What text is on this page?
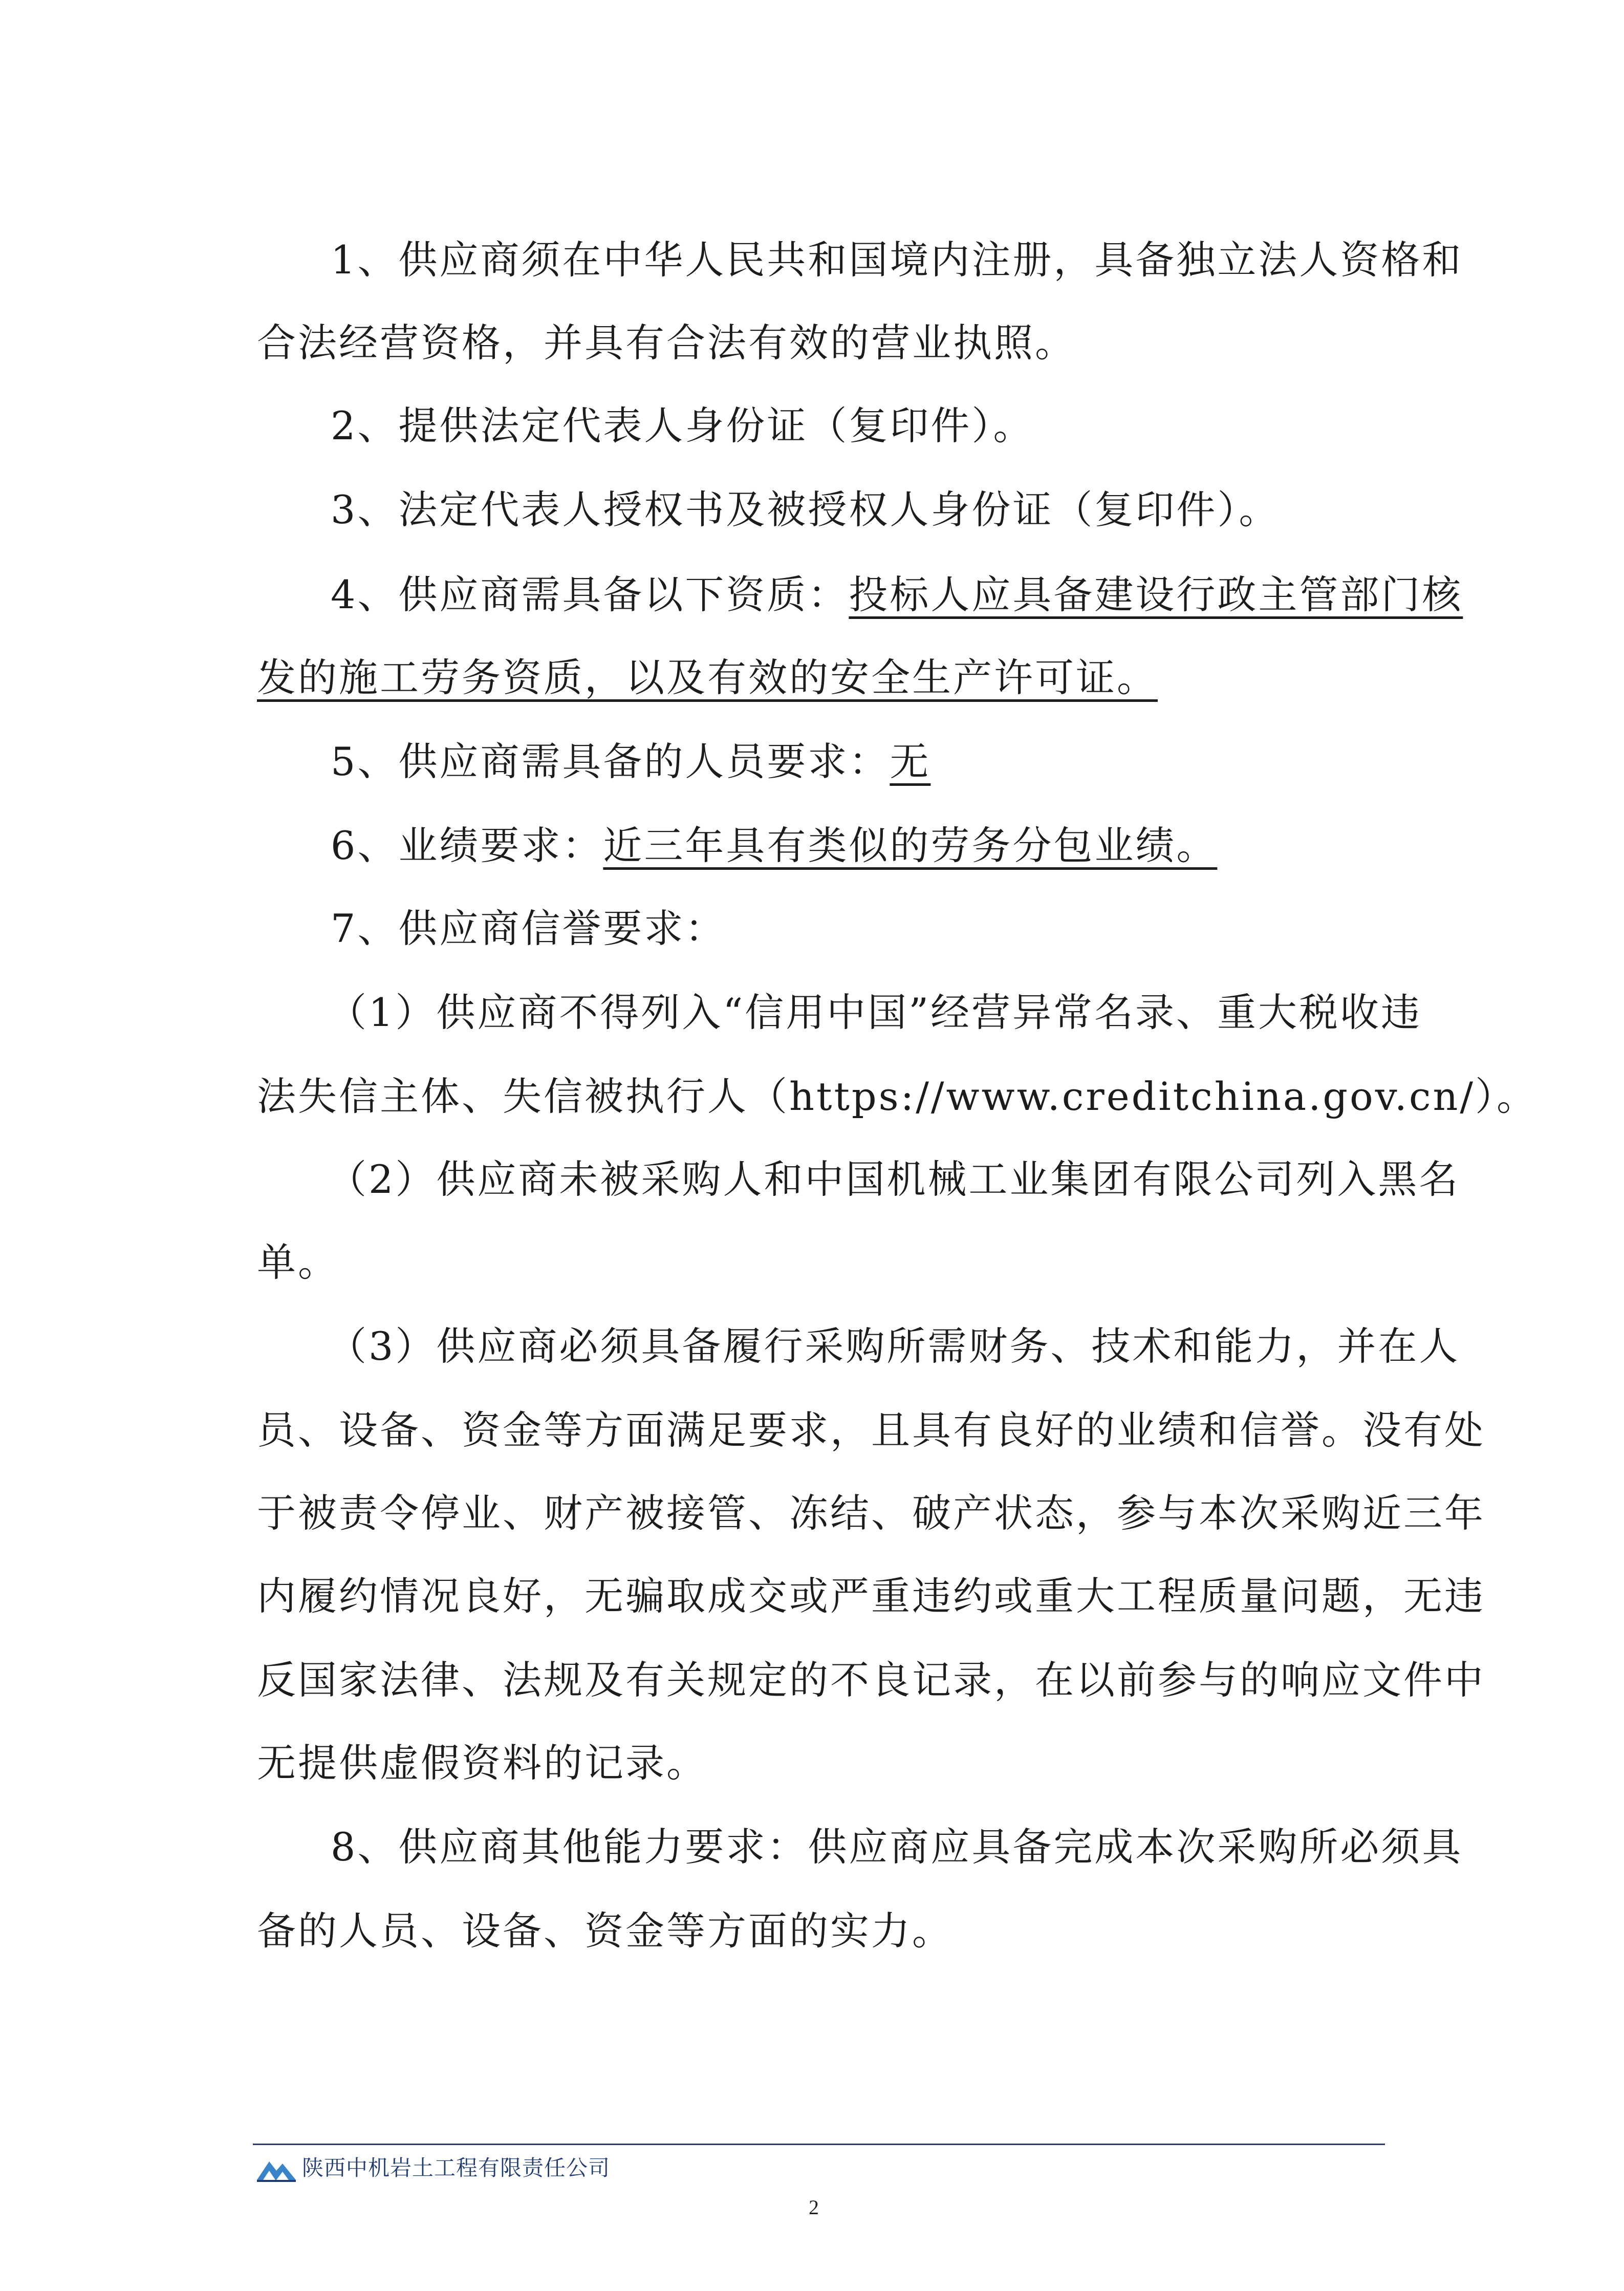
1、供应商须在中华人民共和国境内注册，具备独立法人资格和
合法经营资格，并具有合法有效的营业执照。
2、提供法定代表人身份证（复印件）。
3、法定代表人授权书及被授权人身份证（复印件）。
4、供应商需具备以下资质：投标人应具备建设行政主管部门核
发的施工劳务资质，以及有效的安全生产许可证。
5、供应商需具备的人员要求：无
6、业绩要求：近三年具有类似的劳务分包业绩。
7、供应商信誉要求：
（1）供应商不得列入“信用中国”经营异常名录、重大税收违
法失信主体、失信被执行人（https://www.creditchina.gov.cn/）。
（2）供应商未被采购人和中国机械工业集团有限公司列入黑名
单。
（3）供应商必须具备履行采购所需财务、技术和能力，并在人
员、设备、资金等方面满足要求，且具有良好的业绩和信誉。没有处
于被责令停业、财产被接管、冻结、破产状态，参与本次采购近三年
内履约情况良好，无骗取成交或严重违约或重大工程质量问题，无违
反国家法律、法规及有关规定的不良记录，在以前参与的响应文件中
无提供虚假资料的记录。
8、供应商其他能力要求：供应商应具备完成本次采购所必须具
备的人员、设备、资金等方面的实力。
陕西中机岩土工程有限责任公司
2
